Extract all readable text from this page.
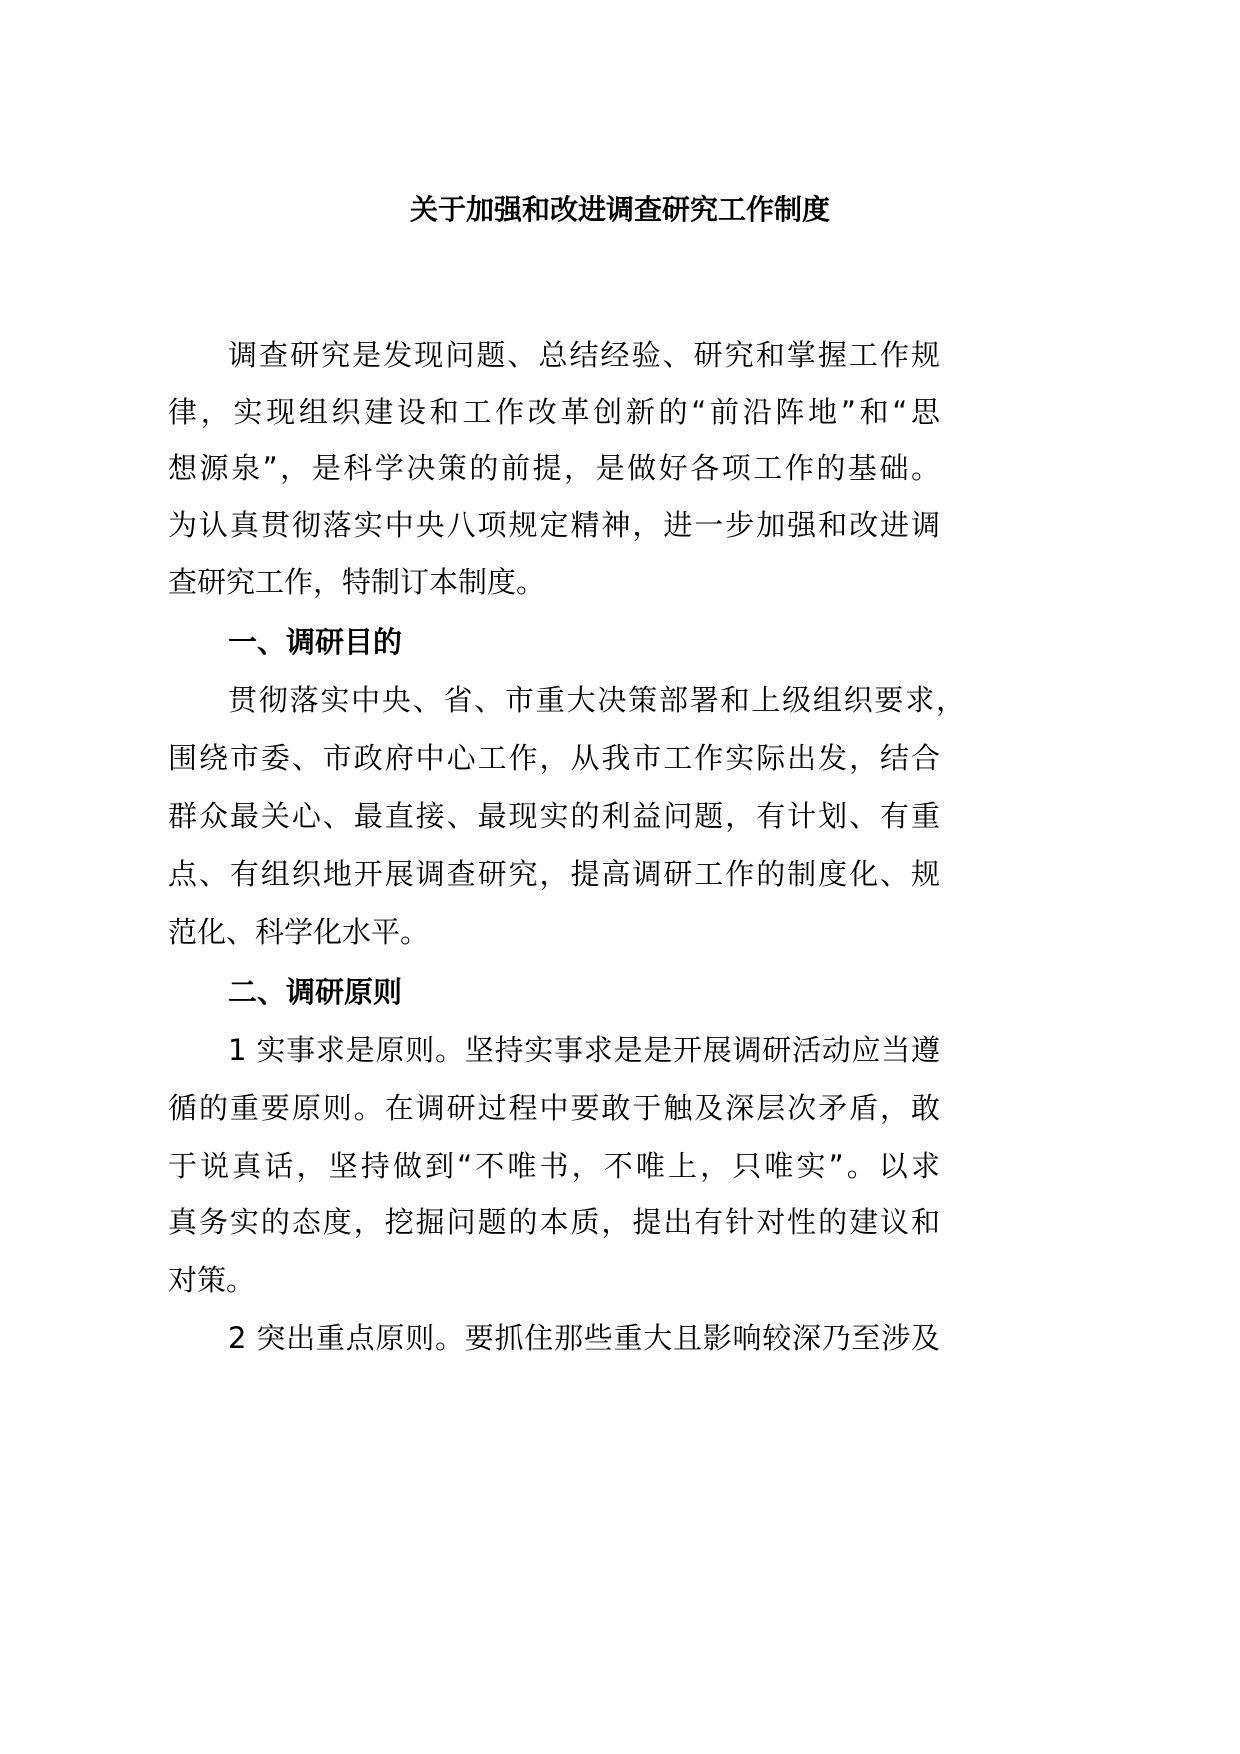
关于加强和改进调查研究工作制度
调查研究是发现问题、总结经验、研究和掌握工作规
律，实现组织建设和工作改革创新的“前沿阵地”和“思
想源泉”，是科学决策的前提，是做好各项工作的基础。
为认真贯彻落实中央八项规定精神，进一步加强和改进调
查研究工作，特制订本制度。
一、调研目的
贯彻落实中央、省、市重大决策部署和上级组织要求，
围绕市委、市政府中心工作，从我市工作实际出发，结合
群众最关心、最直接、最现实的利益问题，有计划、有重
点、有组织地开展调查研究，提高调研工作的制度化、规
范化、科学化水平。
二、调研原则
1 实事求是原则。坚持实事求是是开展调研活动应当遵
循的重要原则。在调研过程中要敢于触及深层次矛盾，敢
于说真话，坚持做到“不唯书，不唯上，只唯实”。以求
真务实的态度，挖掘问题的本质，提出有针对性的建议和
对策。
2 突出重点原则。要抓住那些重大且影响较深乃至涉及
